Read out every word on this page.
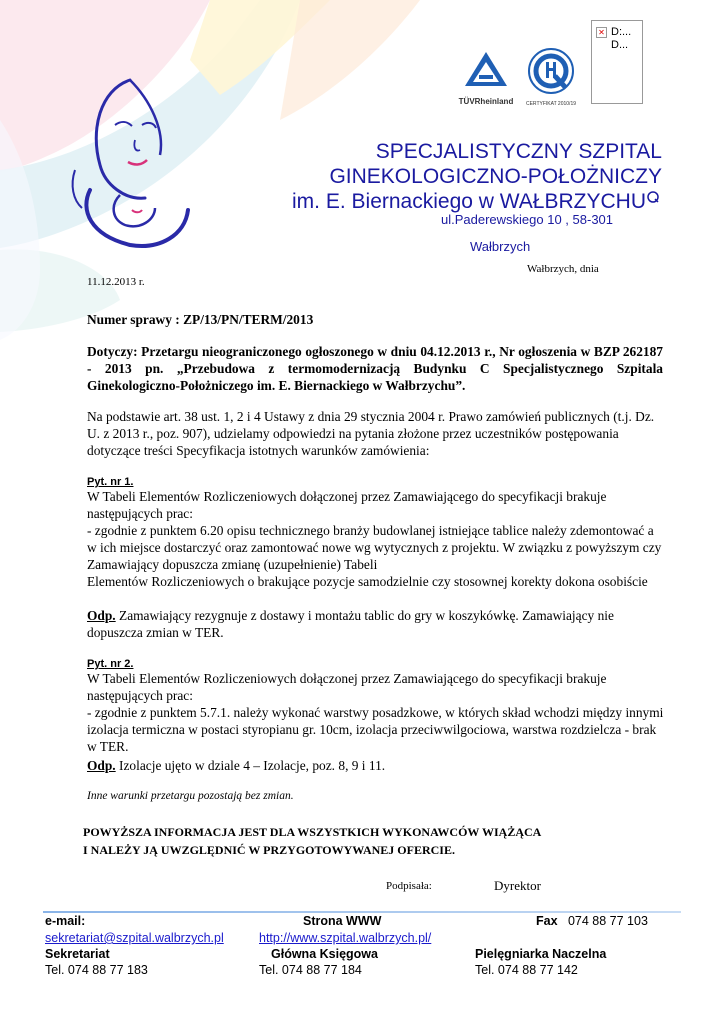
TÜVRheinland	CERTYFIKAT 2010/19
✕ D:...
D...
SPECJALISTYCZNY SZPITAL
GINEKOLOGICZNO-POŁOŻNICZY
im. E. Biernackiego w WAŁBRZYCHU
ul.Paderewskiego 10 , 58-301
Wałbrzych
Wałbrzych, dnia
11.12.2013 r.
Numer sprawy : ZP/13/PN/TERM/2013
Dotyczy: Przetargu nieograniczonego ogłoszonego w dniu 04.12.2013 r., Nr ogłoszenia w BZP 262187 - 2013 pn. „Przebudowa z termomodernizacją Budynku C Specjalistycznego Szpitala Ginekologiczno-Położniczego im. E. Biernackiego w Wałbrzychu”.
Na podstawie art. 38 ust. 1, 2 i 4 Ustawy z dnia 29 stycznia 2004 r. Prawo zamówień publicznych (t.j. Dz. U. z 2013 r., poz. 907), udzielamy odpowiedzi na pytania złożone przez uczestników postępowania dotyczące treści Specyfikacja istotnych warunków zamówienia:
Pyt. nr 1.
W Tabeli Elementów Rozliczeniowych dołączonej przez Zamawiającego do specyfikacji brakuje następujących prac:
- zgodnie z punktem 6.20 opisu technicznego branży budowlanej istniejące tablice należy zdemontować a w ich miejsce dostarczyć oraz zamontować nowe wg wytycznych z projektu. W związku z powyższym czy Zamawiający dopuszcza zmianę (uzupełnienie) Tabeli
Elementów Rozliczeniowych o brakujące pozycje samodzielnie czy stosownej korekty dokona osobiście
Odp. Zamawiający rezygnuje z dostawy i montażu tablic do gry w koszykówkę. Zamawiający nie dopuszcza zmian w TER.
Pyt. nr 2.
W Tabeli Elementów Rozliczeniowych dołączonej przez Zamawiającego do specyfikacji brakuje następujących prac:
- zgodnie z punktem 5.7.1. należy wykonać warstwy posadzkowe, w których skład wchodzi między innymi izolacja termiczna w postaci styropianu gr. 10cm, izolacja przeciwwilgociowa, warstwa rozdzielcza - brak w TER.
Odp. Izolacje ujęto w dziale 4 – Izolacje, poz. 8, 9 i 11.
Inne warunki przetargu pozostają bez zmian.
POWYŻSZA INFORMACJA JEST DLA WSZYSTKICH WYKONAWCÓW WIĄŻĄCA
I NALEŻY JĄ UWZGLĘDNIĆ W PRZYGOTOWYWANEJ OFERCIE.
Podpisała:	Dyrektor
e-mail:	Strona WWW	Fax 074 88 77 103
sekretariat@szpital.walbrzych.pl	http://www.szpital.walbrzych.pl/
Sekretariat	Główna Księgowa	Pielęgniarka Naczelna
Tel. 074 88 77 183	Tel. 074 88 77 184	Tel. 074 88 77 142
